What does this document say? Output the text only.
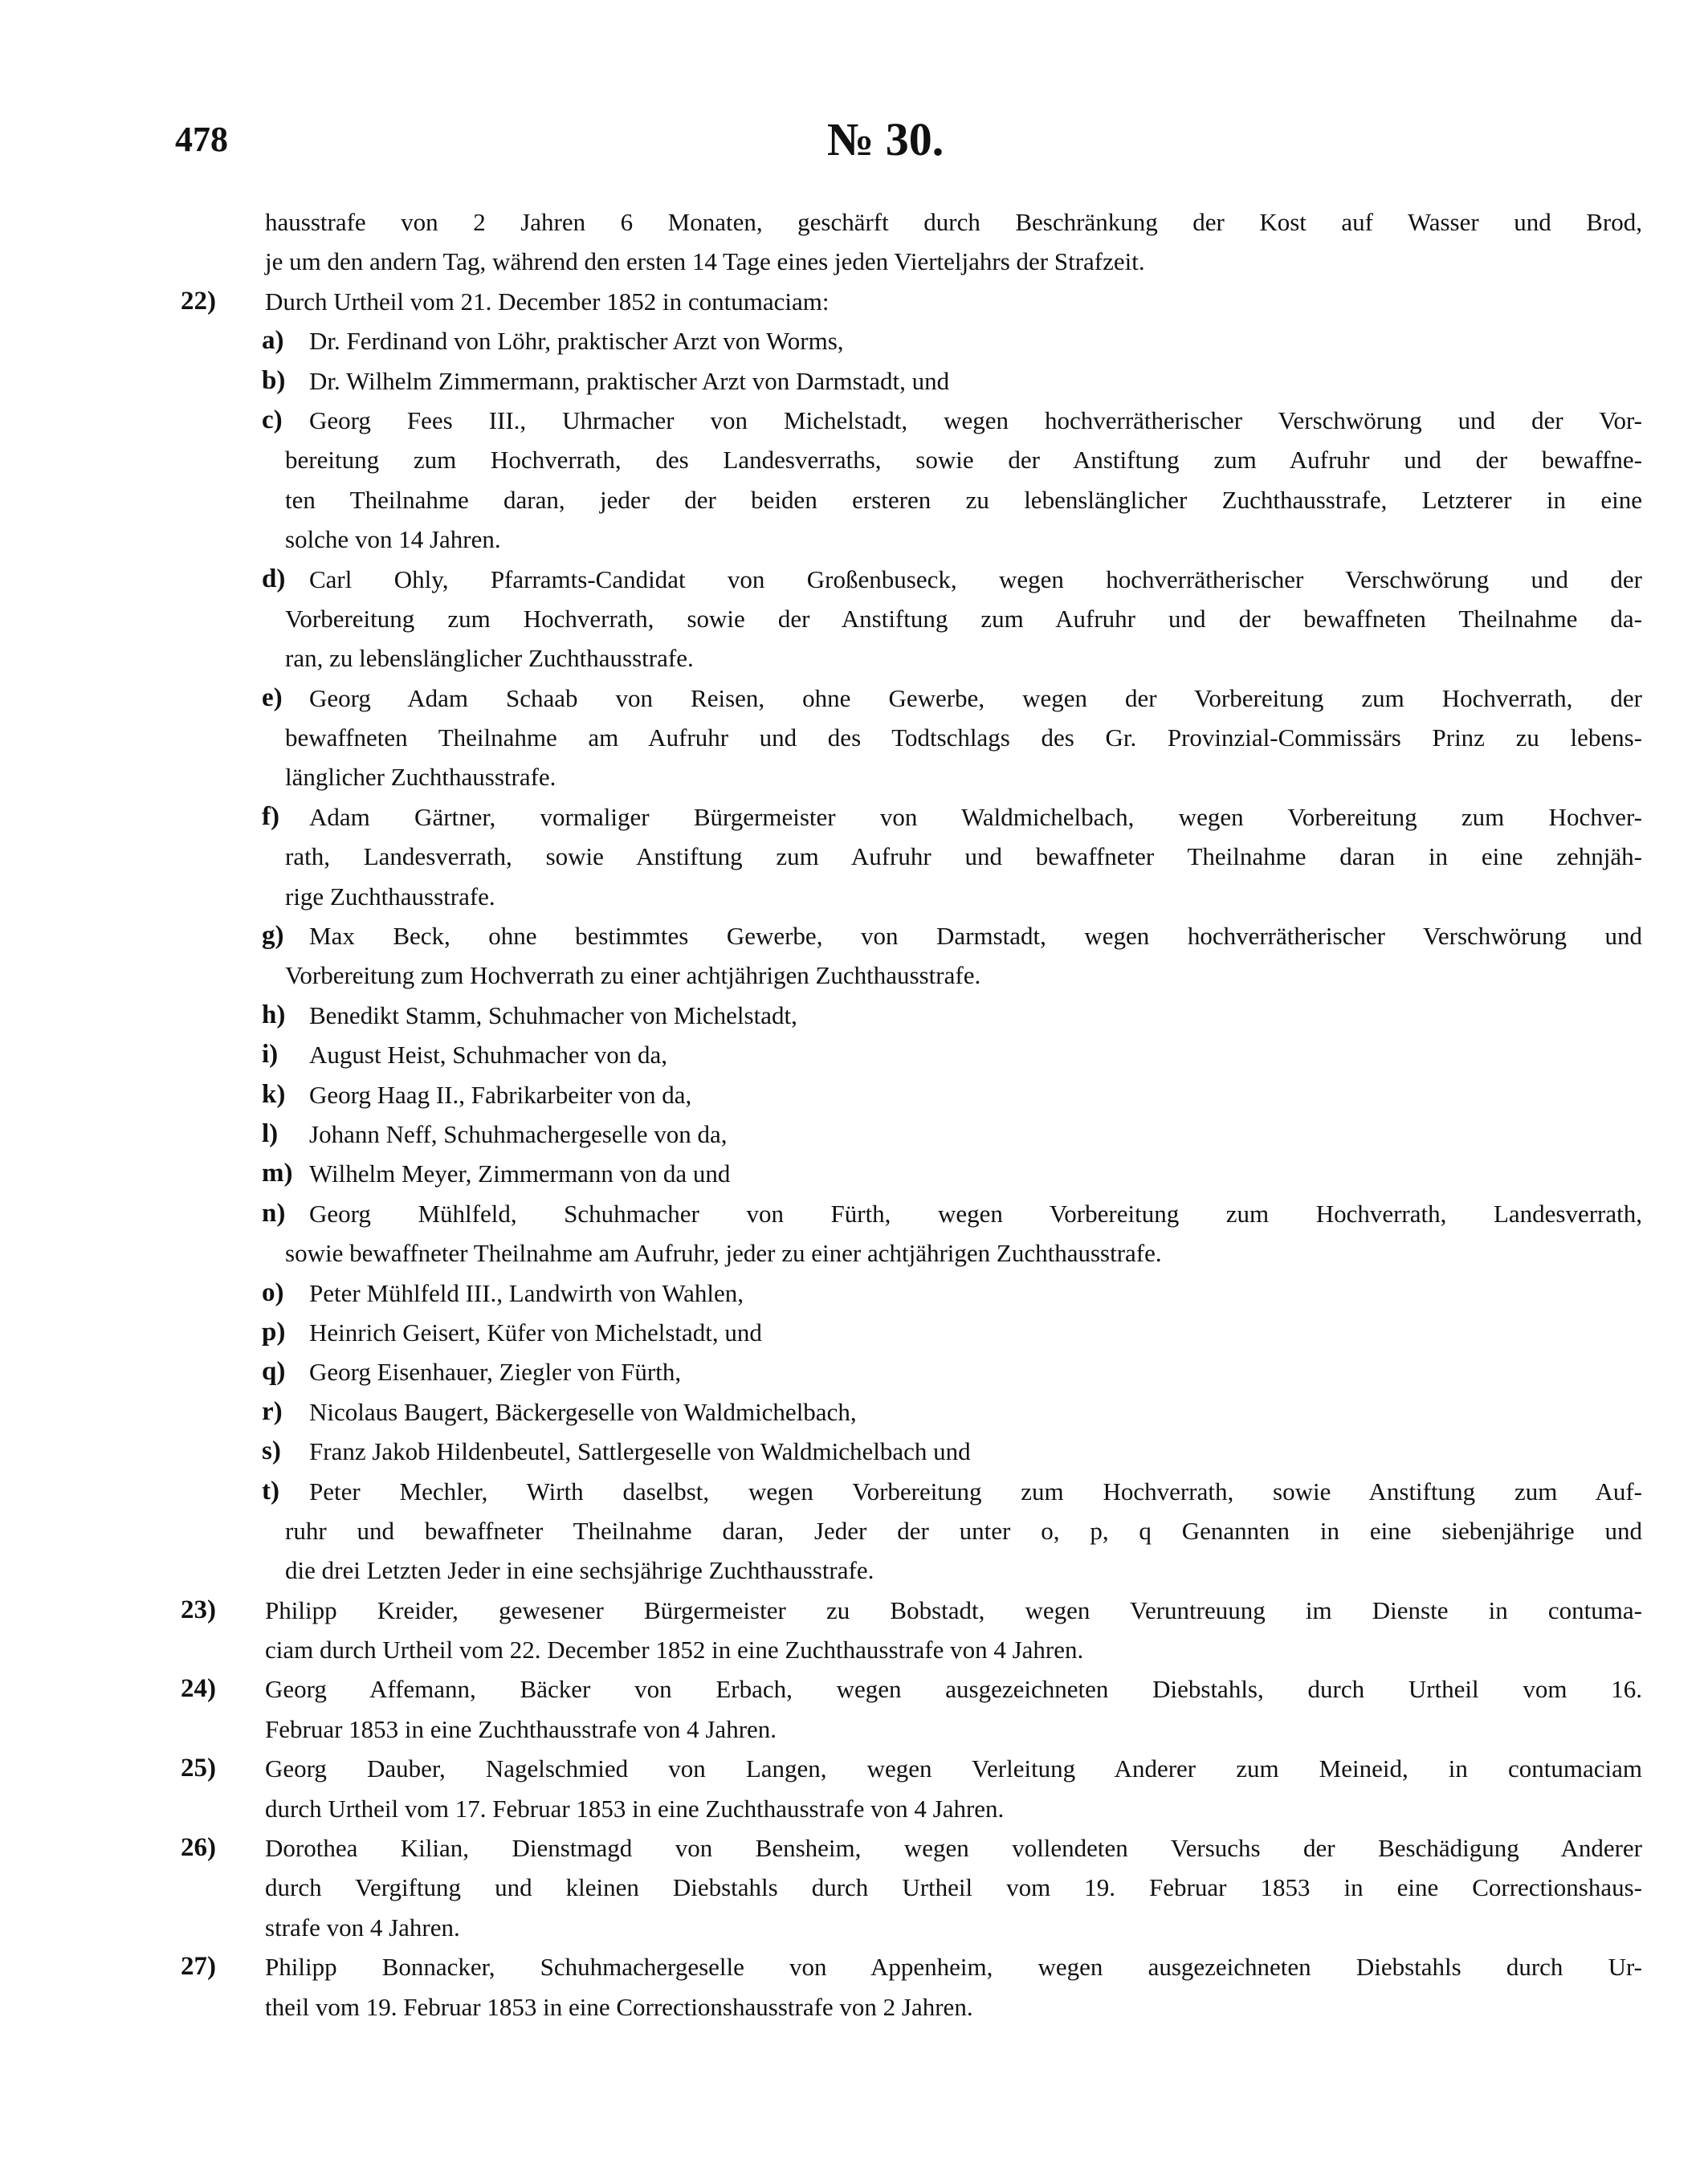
478	№ 30.
hausstrafe von 2 Jahren 6 Monaten, geschärft durch Beschränkung der Kost auf Wasser und Brod,
je um den andern Tag, während den ersten 14 Tage eines jeden Vierteljahrs der Strafzeit.
22) Durch Urtheil vom 21. December 1852 in contumaciam:
a) Dr. Ferdinand von Löhr, praktischer Arzt von Worms,
b) Dr. Wilhelm Zimmermann, praktischer Arzt von Darmstadt, und
c) Georg Fees III., Uhrmacher von Michelstadt, wegen hochverrätherischer Verschwörung und der Vor-
bereitung zum Hochverrath, des Landesverraths, sowie der Anstiftung zum Aufruhr und der bewaffne-
ten Theilnahme daran, jeder der beiden ersteren zu lebenslänglicher Zuchthausstrafe, Letzterer in eine
solche von 14 Jahren.
d) Carl Ohly, Pfarramts-Candidat von Großenbuseck, wegen hochverrätherischer Verschwörung und der
Vorbereitung zum Hochverrath, sowie der Anstiftung zum Aufruhr und der bewaffneten Theilnahme da-
ran, zu lebenslänglicher Zuchthausstrafe.
e) Georg Adam Schaab von Reisen, ohne Gewerbe, wegen der Vorbereitung zum Hochverrath, der
bewaffneten Theilnahme am Aufruhr und des Todtschlags des Gr. Provinzial-Commissärs Prinz zu lebens-
länglicher Zuchthausstrafe.
f) Adam Gärtner, vormaliger Bürgermeister von Waldmichelbach, wegen Vorbereitung zum Hochver-
rath, Landesverrath, sowie Anstiftung zum Aufruhr und bewaffneter Theilnahme daran in eine zehnjäh-
rige Zuchthausstrafe.
g) Max Beck, ohne bestimmtes Gewerbe, von Darmstadt, wegen hochverrätherischer Verschwörung und
Vorbereitung zum Hochverrath zu einer achtjährigen Zuchthausstrafe.
h) Benedikt Stamm, Schuhmacher von Michelstadt,
i) August Heist, Schuhmacher von da,
k) Georg Haag II., Fabrikarbeiter von da,
l) Johann Neff, Schuhmachergeselle von da,
m) Wilhelm Meyer, Zimmermann von da und
n) Georg Mühlfeld, Schuhmacher von Fürth, wegen Vorbereitung zum Hochverrath, Landesverrath,
sowie bewaffneter Theilnahme am Aufruhr, jeder zu einer achtjährigen Zuchthausstrafe.
o) Peter Mühlfeld III., Landwirth von Wahlen,
p) Heinrich Geisert, Küfer von Michelstadt, und
q) Georg Eisenhauer, Ziegler von Fürth,
r) Nicolaus Baugert, Bäckergeselle von Waldmichelbach,
s) Franz Jakob Hildenbeutel, Sattlergeselle von Waldmichelbach und
t) Peter Mechler, Wirth daselbst, wegen Vorbereitung zum Hochverrath, sowie Anstiftung zum Auf-
ruhr und bewaffneter Theilnahme daran, Jeder der unter o, p, q Genannten in eine siebenjährige und
die drei Letzten Jeder in eine sechsjährige Zuchthausstrafe.
23) Philipp Kreider, gewesener Bürgermeister zu Bobstadt, wegen Veruntreuung im Dienste in contuma-
ciam durch Urtheil vom 22. December 1852 in eine Zuchthausstrafe von 4 Jahren.
24) Georg Affemann, Bäcker von Erbach, wegen ausgezeichneten Diebstahls, durch Urtheil vom 16.
Februar 1853 in eine Zuchthausstrafe von 4 Jahren.
25) Georg Dauber, Nagelschmied von Langen, wegen Verleitung Anderer zum Meineid, in contumaciam
durch Urtheil vom 17. Februar 1853 in eine Zuchthausstrafe von 4 Jahren.
26) Dorothea Kilian, Dienstmagd von Bensheim, wegen vollendeten Versuchs der Beschädigung Anderer
durch Vergiftung und kleinen Diebstahls durch Urtheil vom 19. Februar 1853 in eine Correctionshaus-
strafe von 4 Jahren.
27) Philipp Bonnacker, Schuhmachergeselle von Appenheim, wegen ausgezeichneten Diebstahls durch Ur-
theil vom 19. Februar 1853 in eine Correctionshausstrafe von 2 Jahren.
